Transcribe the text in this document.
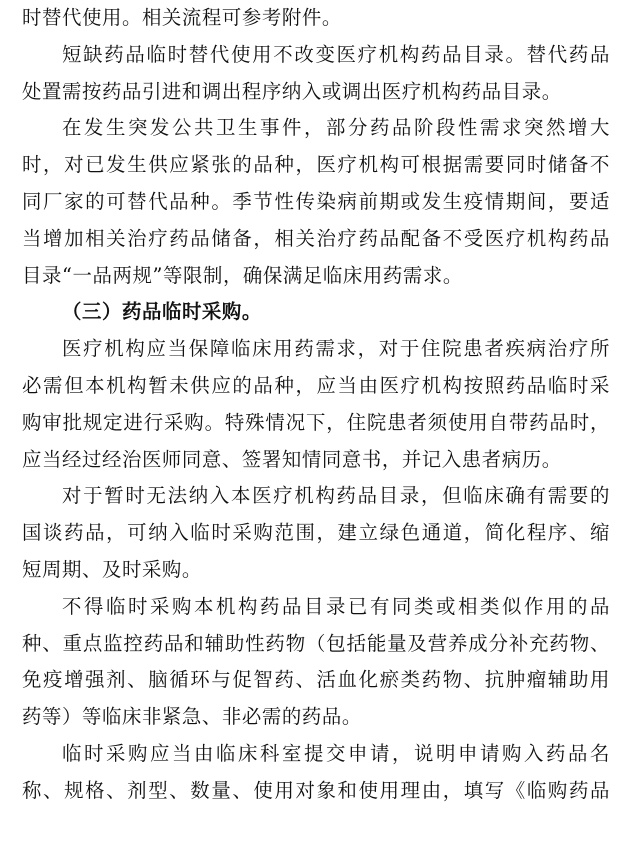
时替代使用。相关流程可参考附件。
短缺药品临时替代使用不改变医疗机构药品目录。替代药品
处置需按药品引进和调出程序纳入或调出医疗机构药品目录。
在发生突发公共卫生事件，部分药品阶段性需求突然增大
时，对已发生供应紧张的品种，医疗机构可根据需要同时储备不
同厂家的可替代品种。季节性传染病前期或发生疫情期间，要适
当增加相关治疗药品储备，相关治疗药品配备不受医疗机构药品
目录“一品两规”等限制，确保满足临床用药需求。
（三）药品临时采购。
医疗机构应当保障临床用药需求，对于住院患者疾病治疗所
必需但本机构暂未供应的品种，应当由医疗机构按照药品临时采
购审批规定进行采购。特殊情况下，住院患者须使用自带药品时，
应当经过经治医师同意、签署知情同意书，并记入患者病历。
对于暂时无法纳入本医疗机构药品目录，但临床确有需要的
国谈药品，可纳入临时采购范围，建立绿色通道，简化程序、缩
短周期、及时采购。
不得临时采购本机构药品目录已有同类或相类似作用的品
种、重点监控药品和辅助性药物（包括能量及营养成分补充药物、
免疫增强剂、脑循环与促智药、活血化瘀类药物、抗肿瘤辅助用
药等）等临床非紧急、非必需的药品。
临时采购应当由临床科室提交申请，说明申请购入药品名
称、规格、剂型、数量、使用对象和使用理由，填写《临购药品
